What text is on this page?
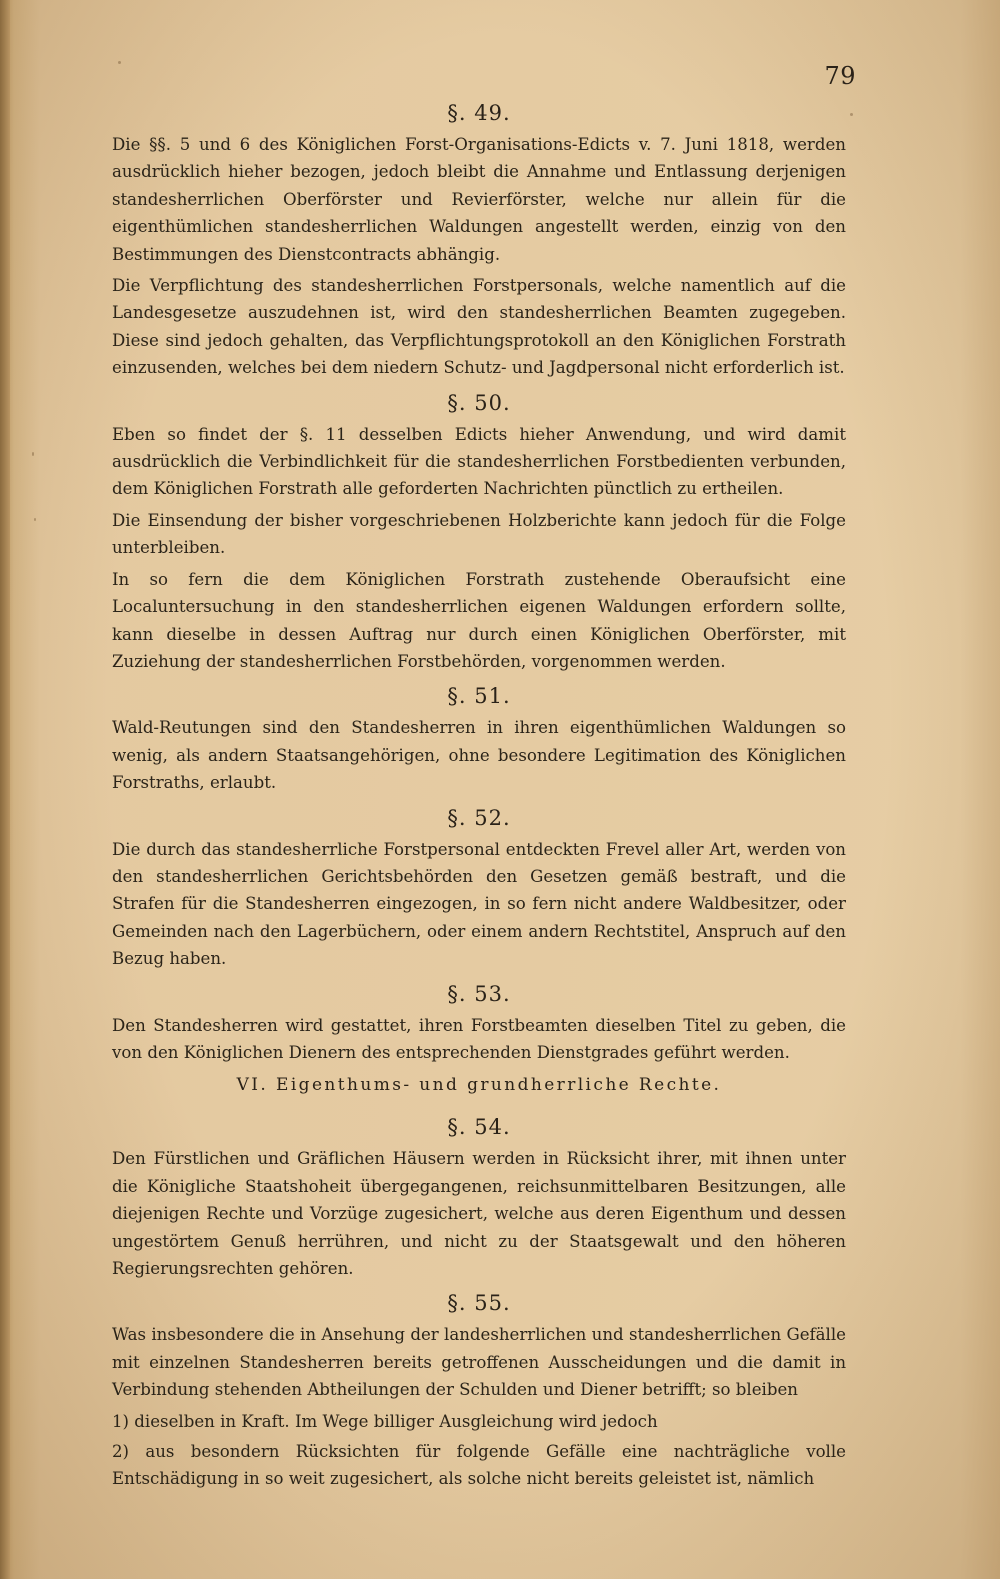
79
§. 49.

Die §§. 5 und 6 des Königlichen Forst-Organisations-Edicts v. 7. Juni 1818, werden ausdrücklich hieher bezogen, jedoch bleibt die Annahme und Entlassung derjenigen standesherrlichen Oberförster und Revierförster, welche nur allein für die eigenthümlichen standesherrlichen Waldungen angestellt werden, einzig von den Bestimmungen des Dienstcontracts abhängig.

Die Verpflichtung des standesherrlichen Forstpersonals, welche namentlich auf die Landesgesetze auszudehnen ist, wird den standesherrlichen Beamten zugegeben. Diese sind jedoch gehalten, das Verpflichtungsprotokoll an den Königlichen Forstrath einzusenden, welches bei dem niedern Schutz- und Jagdpersonal nicht erforderlich ist.

§. 50.

Eben so findet der §. 11 desselben Edicts hieher Anwendung, und wird damit ausdrücklich die Verbindlichkeit für die standesherrlichen Forstbedienten verbunden, dem Königlichen Forstrath alle geforderten Nachrichten pünctlich zu ertheilen.

Die Einsendung der bisher vorgeschriebenen Holzberichte kann jedoch für die Folge unterbleiben.

In so fern die dem Königlichen Forstrath zustehende Oberaufsicht eine Localuntersuchung in den standesherrlichen eigenen Waldungen erfordern sollte, kann dieselbe in dessen Auftrag nur durch einen Königlichen Oberförster, mit Zuziehung der standesherrlichen Forstbehörden, vorgenommen werden.

§. 51.

Wald-Reutungen sind den Standesherren in ihren eigenthümlichen Waldungen so wenig, als andern Staatsangehörigen, ohne besondere Legitimation des Königlichen Forstraths, erlaubt.

§. 52.

Die durch das standesherrliche Forstpersonal entdeckten Frevel aller Art, werden von den standesherrlichen Gerichtsbehörden den Gesetzen gemäß bestraft, und die Strafen für die Standesherren eingezogen, in so fern nicht andere Waldbesitzer, oder Gemeinden nach den Lagerbüchern, oder einem andern Rechtstitel, Anspruch auf den Bezug haben.

§. 53.

Den Standesherren wird gestattet, ihren Forstbeamten dieselben Titel zu geben, die von den Königlichen Dienern des entsprechenden Dienstgrades geführt werden.

VI. Eigenthums- und grundherrliche Rechte.
§. 54.

Den Fürstlichen und Gräflichen Häusern werden in Rücksicht ihrer, mit ihnen unter die Königliche Staatshoheit übergegangenen, reichsunmittelbaren Besitzungen, alle diejenigen Rechte und Vorzüge zugesichert, welche aus deren Eigenthum und dessen ungestörtem Genuß herrühren, und nicht zu der Staatsgewalt und den höheren Regierungsrechten gehören.

§. 55.

Was insbesondere die in Ansehung der landesherrlichen und standesherrlichen Gefälle mit einzelnen Standesherren bereits getroffenen Ausscheidungen und die damit in Verbindung stehenden Abtheilungen der Schulden und Diener betrifft; so bleiben

1) dieselben in Kraft. Im Wege billiger Ausgleichung wird jedoch

2) aus besondern Rücksichten für folgende Gefälle eine nachträgliche volle Entschädigung in so weit zugesichert, als solche nicht bereits geleistet ist, nämlich
